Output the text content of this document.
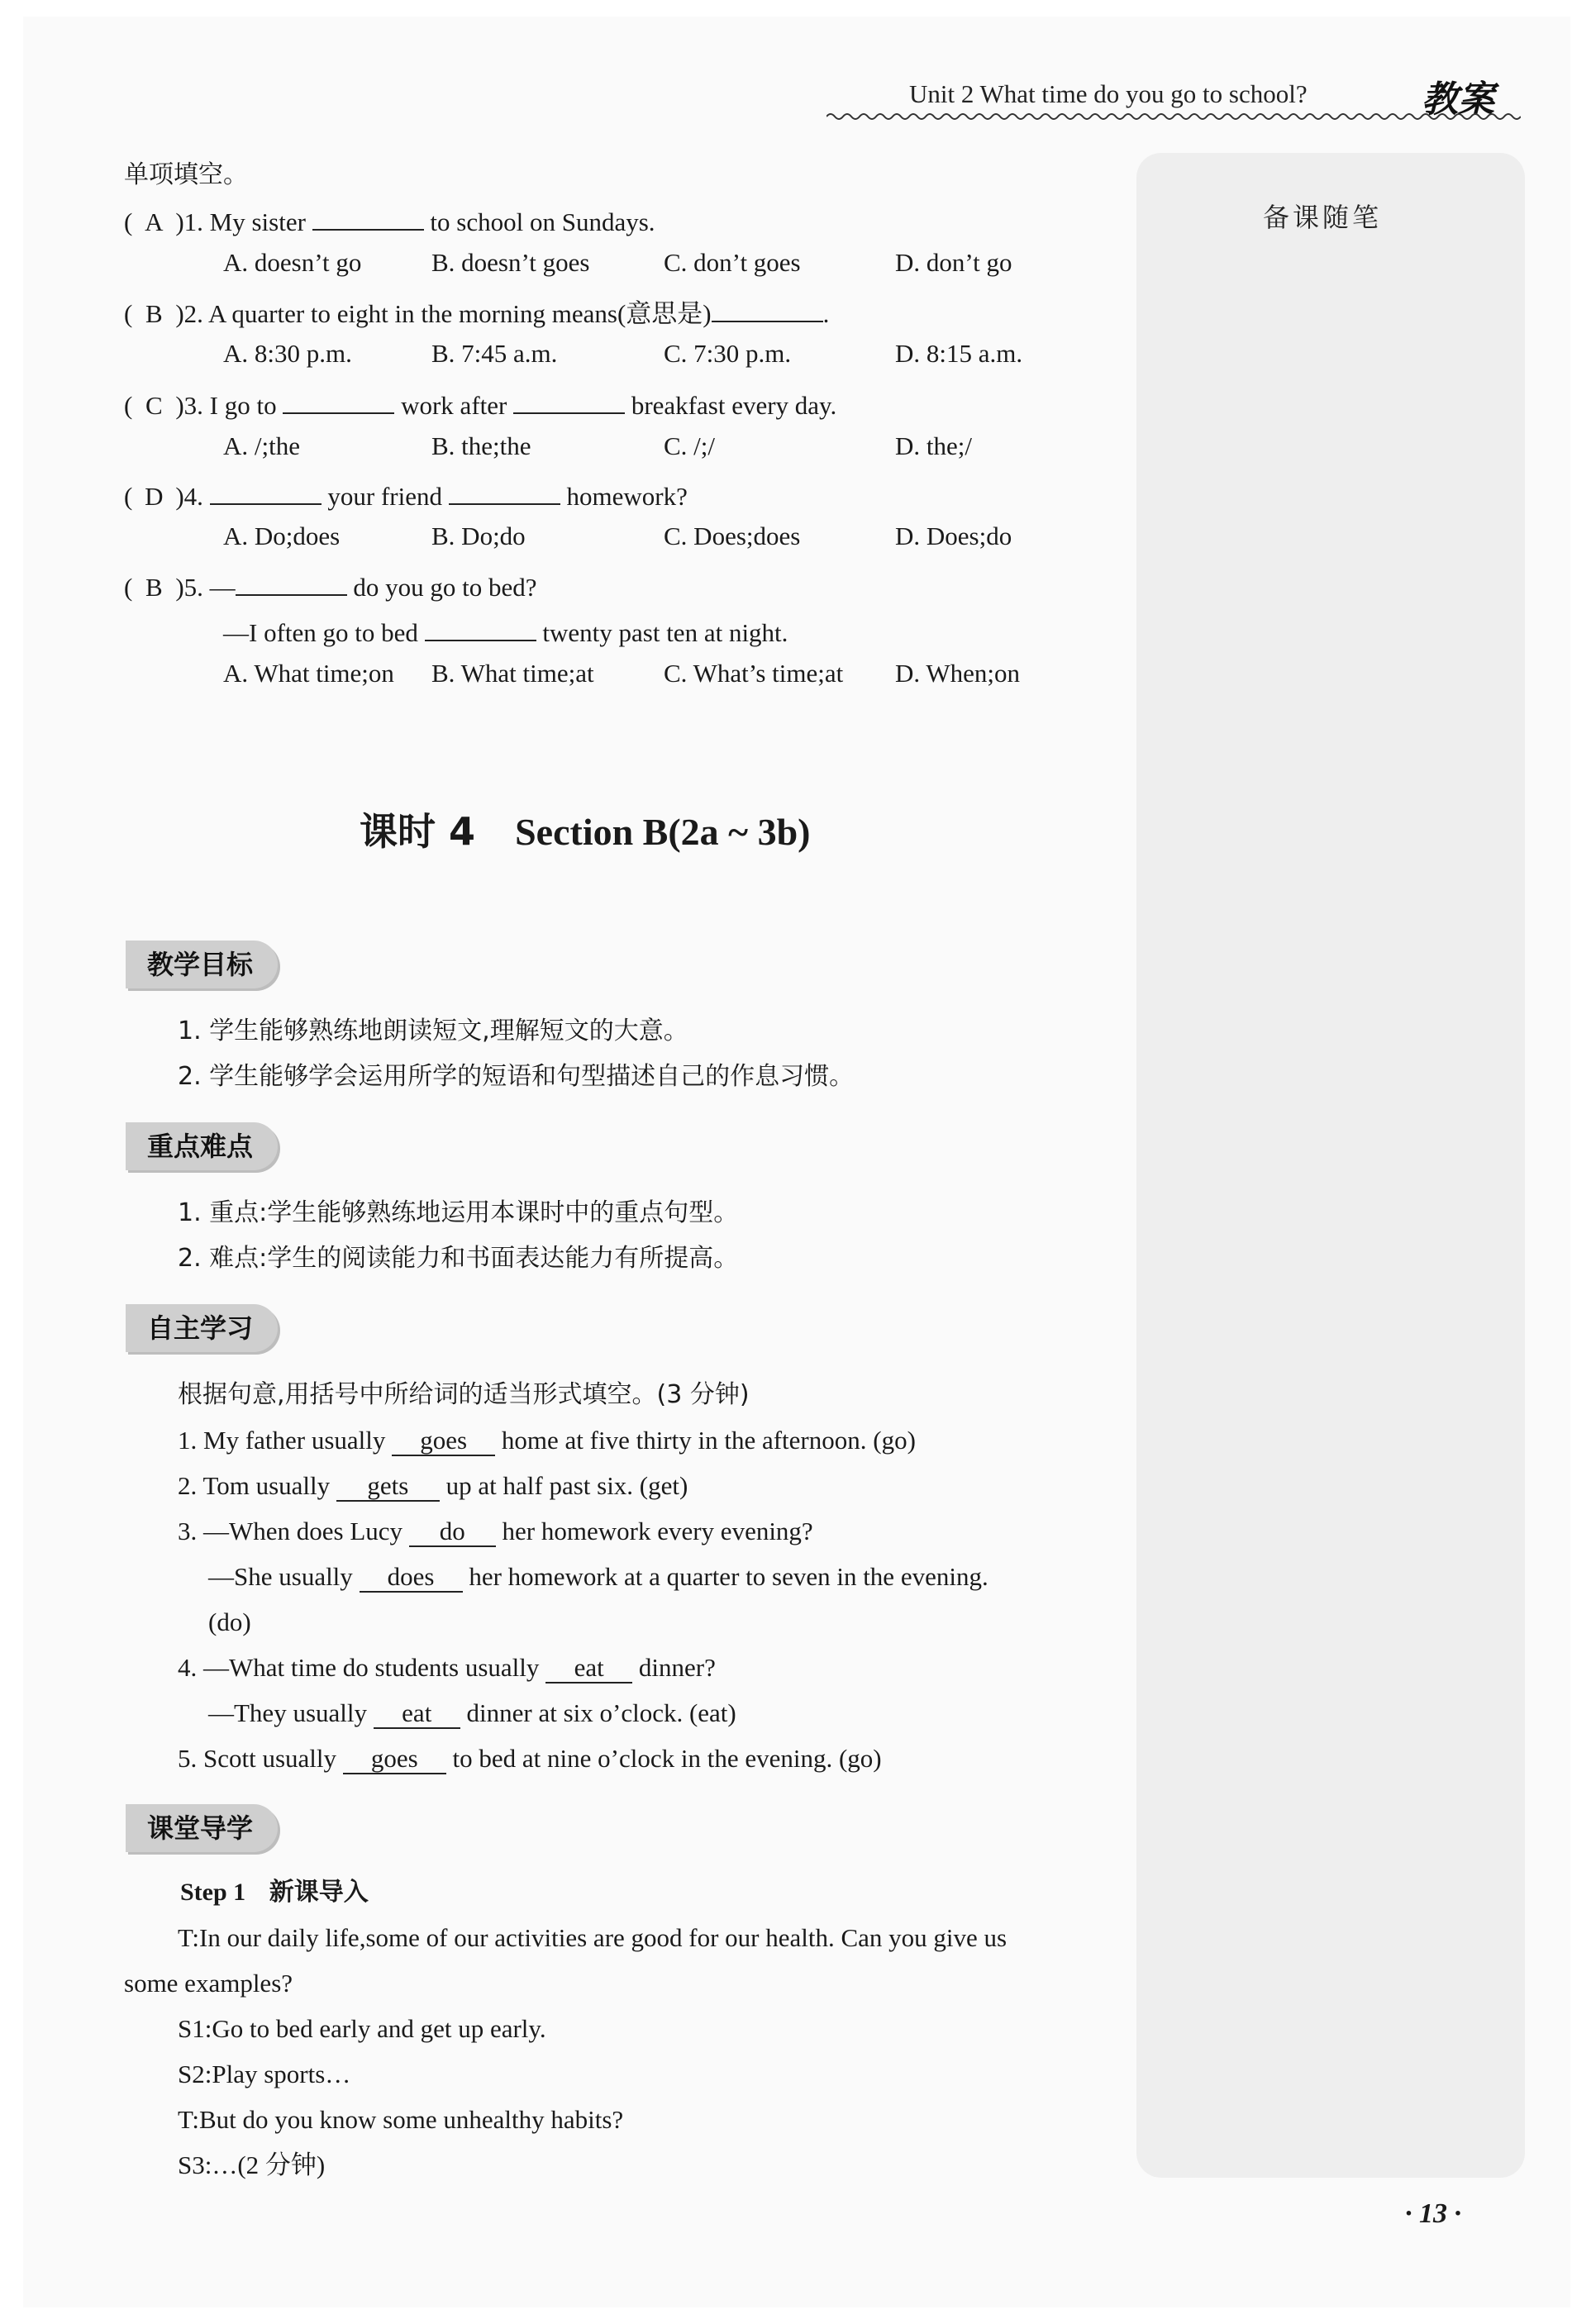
Unit 2 What time do you go to school?	教案
备课随笔
单项填空。
( A )1. My sister	to school on Sundays.
A. doesn’t go	B. doesn’t goes	C. don’t goes	D. don’t go
( B )2. A quarter to eight in the morning means(意思是)	.
A. 8:30 p.m.	B. 7:45 a.m.	C. 7:30 p.m.	D. 8:15 a.m.
( C )3. I go to	work after	breakfast every day.
A. /;the	B. the;the	C. /;/	D. the;/
( D )4.	your friend	homework?
A. Do;does	B. Do;do	C. Does;does	D. Does;do
( B )5. —	do you go to bed?
—I often go to bed	twenty past ten at night.
A. What time;on B. What time;at	C. What’s time;at D. When;on
课时 4 Section B(2a ~ 3b)
教学目标
1. 学生能够熟练地朗读短文,理解短文的大意。
2. 学生能够学会运用所学的短语和句型描述自己的作息习惯。
重点难点
1. 重点:学生能够熟练地运用本课时中的重点句型。
2. 难点:学生的阅读能力和书面表达能力有所提高。
自主学习
根据句意,用括号中所给词的适当形式填空。(3 分钟)
1. My father usually goes home at five thirty in the afternoon. (go)
2. Tom usually gets up at half past six. (get)
3. —When does Lucy do her homework every evening?
—She usually does her homework at a quarter to seven in the evening.
(do)
4. —What time do students usually eat dinner?
—They usually eat dinner at six o’clock. (eat)
5. Scott usually goes to bed at nine o’clock in the evening. (go)
课堂导学
Step 1 新课导入
T:In our daily life,some of our activities are good for our health. Can you give us
some examples?
S1:Go to bed early and get up early.
S2:Play sports…
T:But do you know some unhealthy habits?
S3:…(2 分钟)
· 13 ·
